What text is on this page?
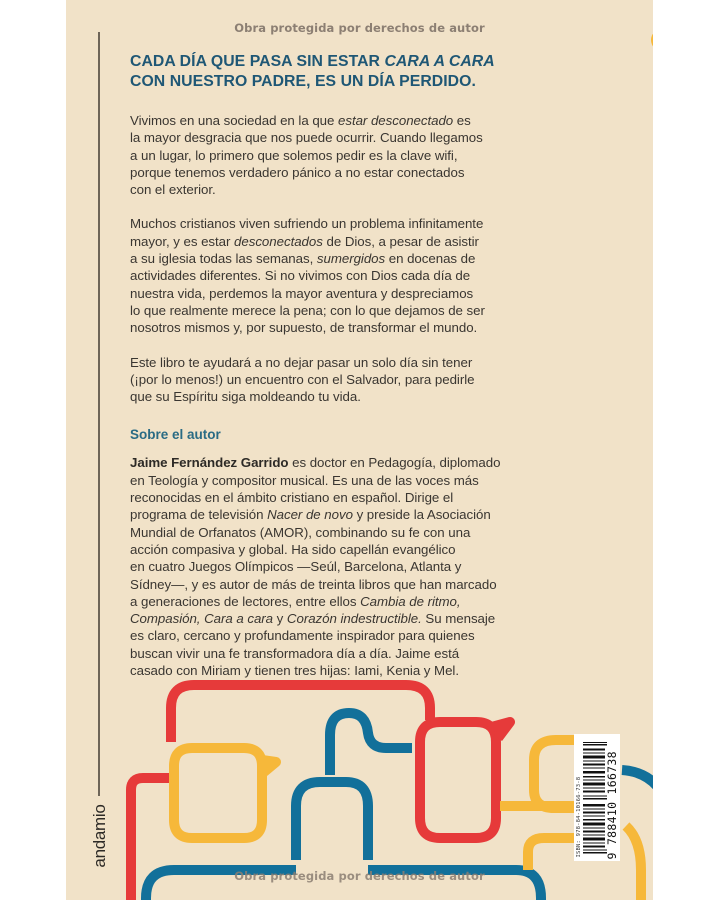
Obra protegida por derechos de autor
CADA DÍA QUE PASA SIN ESTAR CARA A CARA
CON NUESTRO PADRE, ES UN DÍA PERDIDO.
Vivimos en una sociedad en la que estar desconectado es
la mayor desgracia que nos puede ocurrir. Cuando llegamos
a un lugar, lo primero que solemos pedir es la clave wifi,
porque tenemos verdadero pánico a no estar conectados
con el exterior.
Muchos cristianos viven sufriendo un problema infinitamente
mayor, y es estar desconectados de Dios, a pesar de asistir
a su iglesia todas las semanas, sumergidos en docenas de
actividades diferentes. Si no vivimos con Dios cada día de
nuestra vida, perdemos la mayor aventura y despreciamos
lo que realmente merece la pena; con lo que dejamos de ser
nosotros mismos y, por supuesto, de transformar el mundo.
Este libro te ayudará a no dejar pasar un solo día sin tener
(¡por lo menos!) un encuentro con el Salvador, para pedirle
que su Espíritu siga moldeando tu vida.
Sobre el autor
Jaime Fernández Garrido es doctor en Pedagogía, diplomado
en Teología y compositor musical. Es una de las voces más
reconocidas en el ámbito cristiano en español. Dirige el
programa de televisión Nacer de novo y preside la Asociación
Mundial de Orfanatos (AMOR), combinando su fe con una
acción compasiva y global. Ha sido capellán evangélico
en cuatro Juegos Olímpicos —Seúl, Barcelona, Atlanta y
Sídney—, y es autor de más de treinta libros que han marcado
a generaciones de lectores, entre ellos Cambia de ritmo,
Compasión, Cara a cara y Corazón indestructible. Su mensaje
es claro, cercano y profundamente inspirador para quienes
buscan vivir una fe transformadora día a día. Jaime está
casado con Miriam y tienen tres hijas: Iami, Kenia y Mel.
andamio	ISBN: 978-84-10166-73-8 9 788410 166738
Obra protegida por derechos de autor
